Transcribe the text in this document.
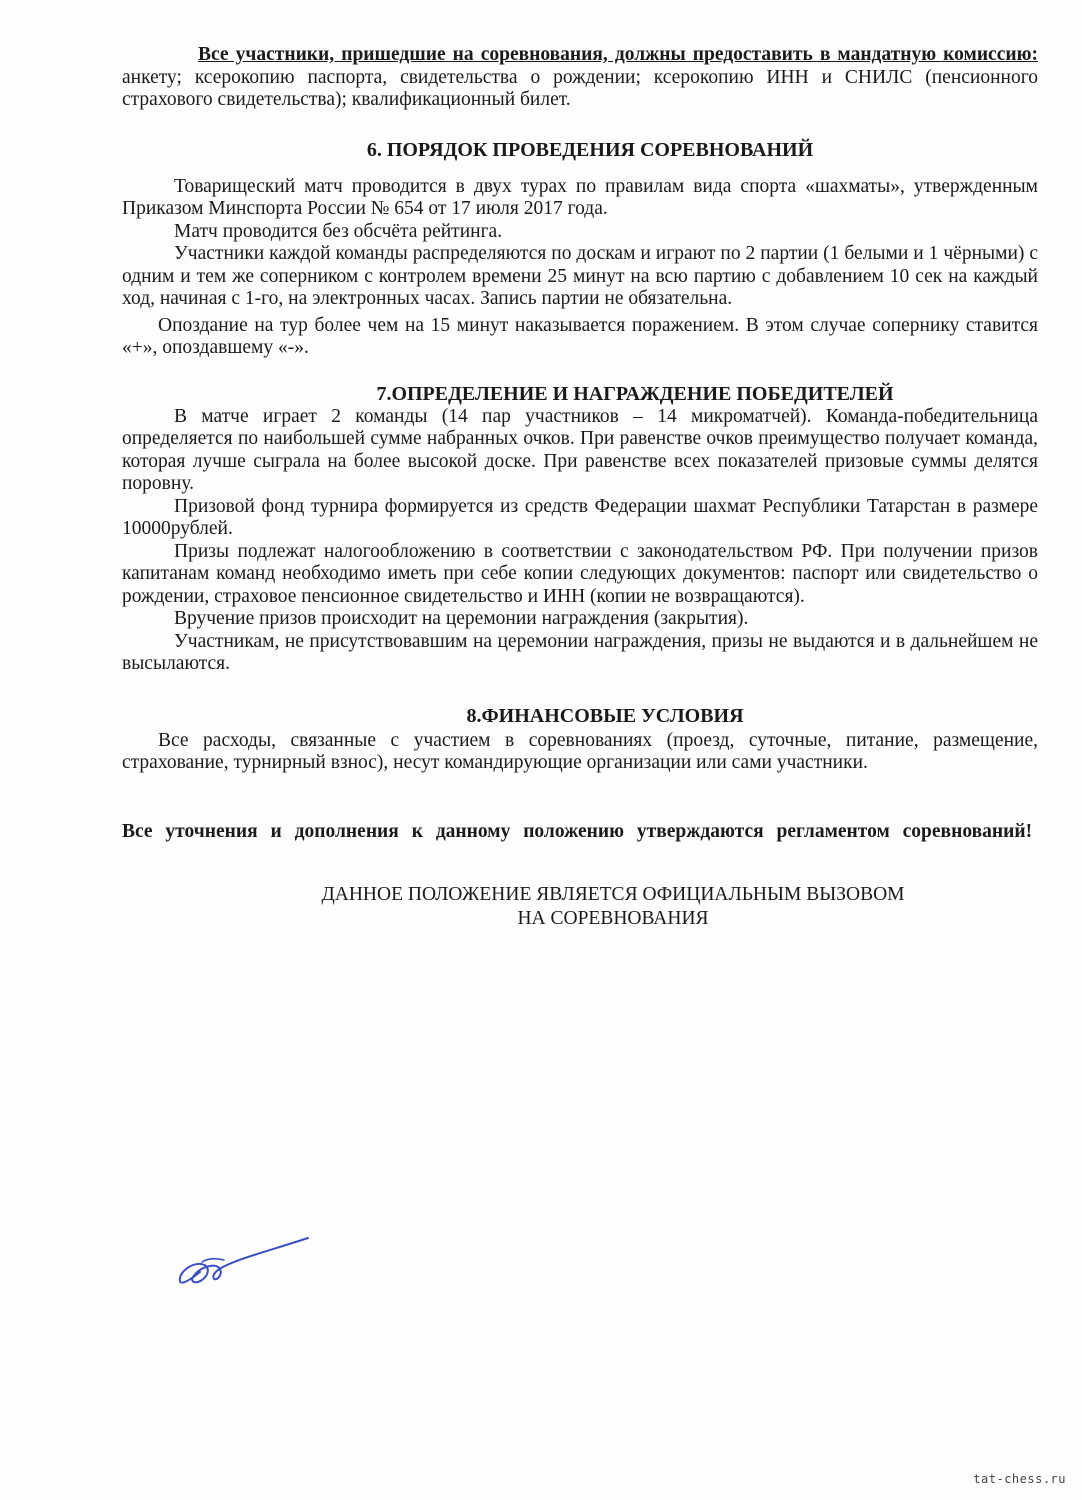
Все участники, пришедшие на соревнования, должны предоставить в мандатную комиссию: анкету; ксерокопию паспорта, свидетельства о рождении; ксерокопию ИНН и СНИЛС (пенсионного страхового свидетельства); квалификационный билет.

6. ПОРЯДОК ПРОВЕДЕНИЯ СОРЕВНОВАНИЙ

Товарищеский матч проводится в двух турах по правилам вида спорта «шахматы», утвержденным Приказом Минспорта России № 654 от 17 июля 2017 года.

Матч проводится без обсчёта рейтинга.

Участники каждой команды распределяются по доскам и играют по 2 партии (1 белыми и 1 чёрными) с одним и тем же соперником с контролем времени 25 минут на всю партию с добавлением 10 сек на каждый ход, начиная с 1-го, на электронных часах. Запись партии не обязательна.

Опоздание на тур более чем на 15 минут наказывается поражением. В этом случае сопернику ставится «+», опоздавшему «-».

7.ОПРЕДЕЛЕНИЕ И НАГРАЖДЕНИЕ ПОБЕДИТЕЛЕЙ

В матче играет 2 команды (14 пар участников – 14 микроматчей). Команда-победительница определяется по наибольшей сумме набранных очков. При равенстве очков преимущество получает команда, которая лучше сыграла на более высокой доске. При равенстве всех показателей призовые суммы делятся поровну.

Призовой фонд турнира формируется из средств Федерации шахмат Республики Татарстан в размере 10000рублей.

Призы подлежат налогообложению в соответствии с законодательством РФ. При получении призов капитанам команд необходимо иметь при себе копии следующих документов: паспорт или свидетельство о рождении, страховое пенсионное свидетельство и ИНН (копии не возвращаются).

Вручение призов происходит на церемонии награждения (закрытия).

Участникам, не присутствовавшим на церемонии награждения, призы не выдаются и в дальнейшем не высылаются.

8.ФИНАНСОВЫЕ УСЛОВИЯ

Все расходы, связанные с участием в соревнованиях (проезд, суточные, питание, размещение, страхование, турнирный взнос), несут командирующие организации или сами участники.

Все уточнения и дополнения к данному положению утверждаются регламентом соревнований!

ДАННОЕ ПОЛОЖЕНИЕ ЯВЛЯЕТСЯ ОФИЦИАЛЬНЫМ ВЫЗОВОМ
НА СОРЕВНОВАНИЯ
tat-chess.ru
